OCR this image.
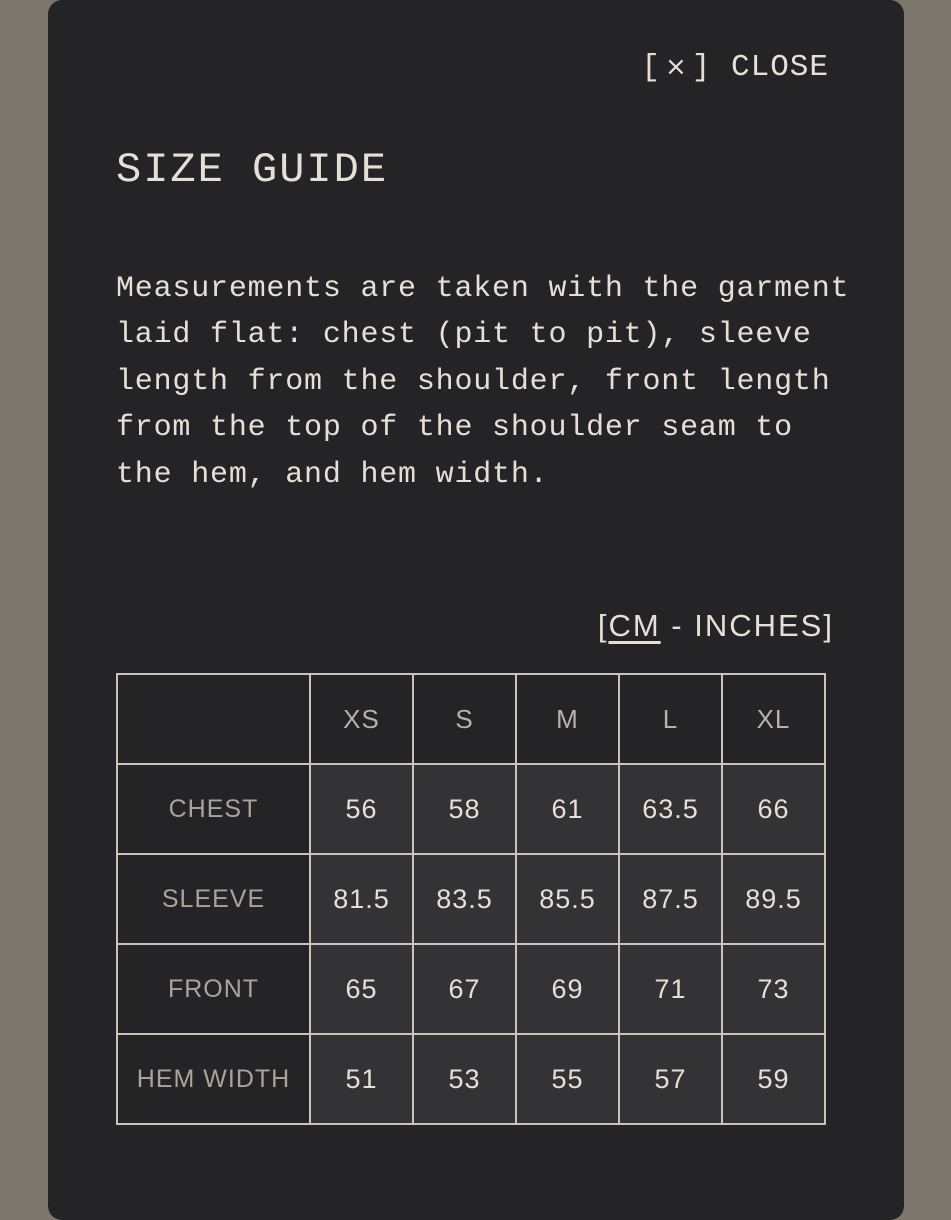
[ × ] CLOSE
SIZE GUIDE

Measurements are taken with the garment laid flat: chest (pit to pit), sleeve length from the shoulder, front length from the top of the shoulder seam to the hem, and hem width.

[CM - INCHES]
	XS	S	M	L	XL
CHEST	56	58	61	63.5	66
SLEEVE	81.5	83.5	85.5	87.5	89.5
FRONT	65	67	69	71	73
HEM WIDTH	51	53	55	57	59
